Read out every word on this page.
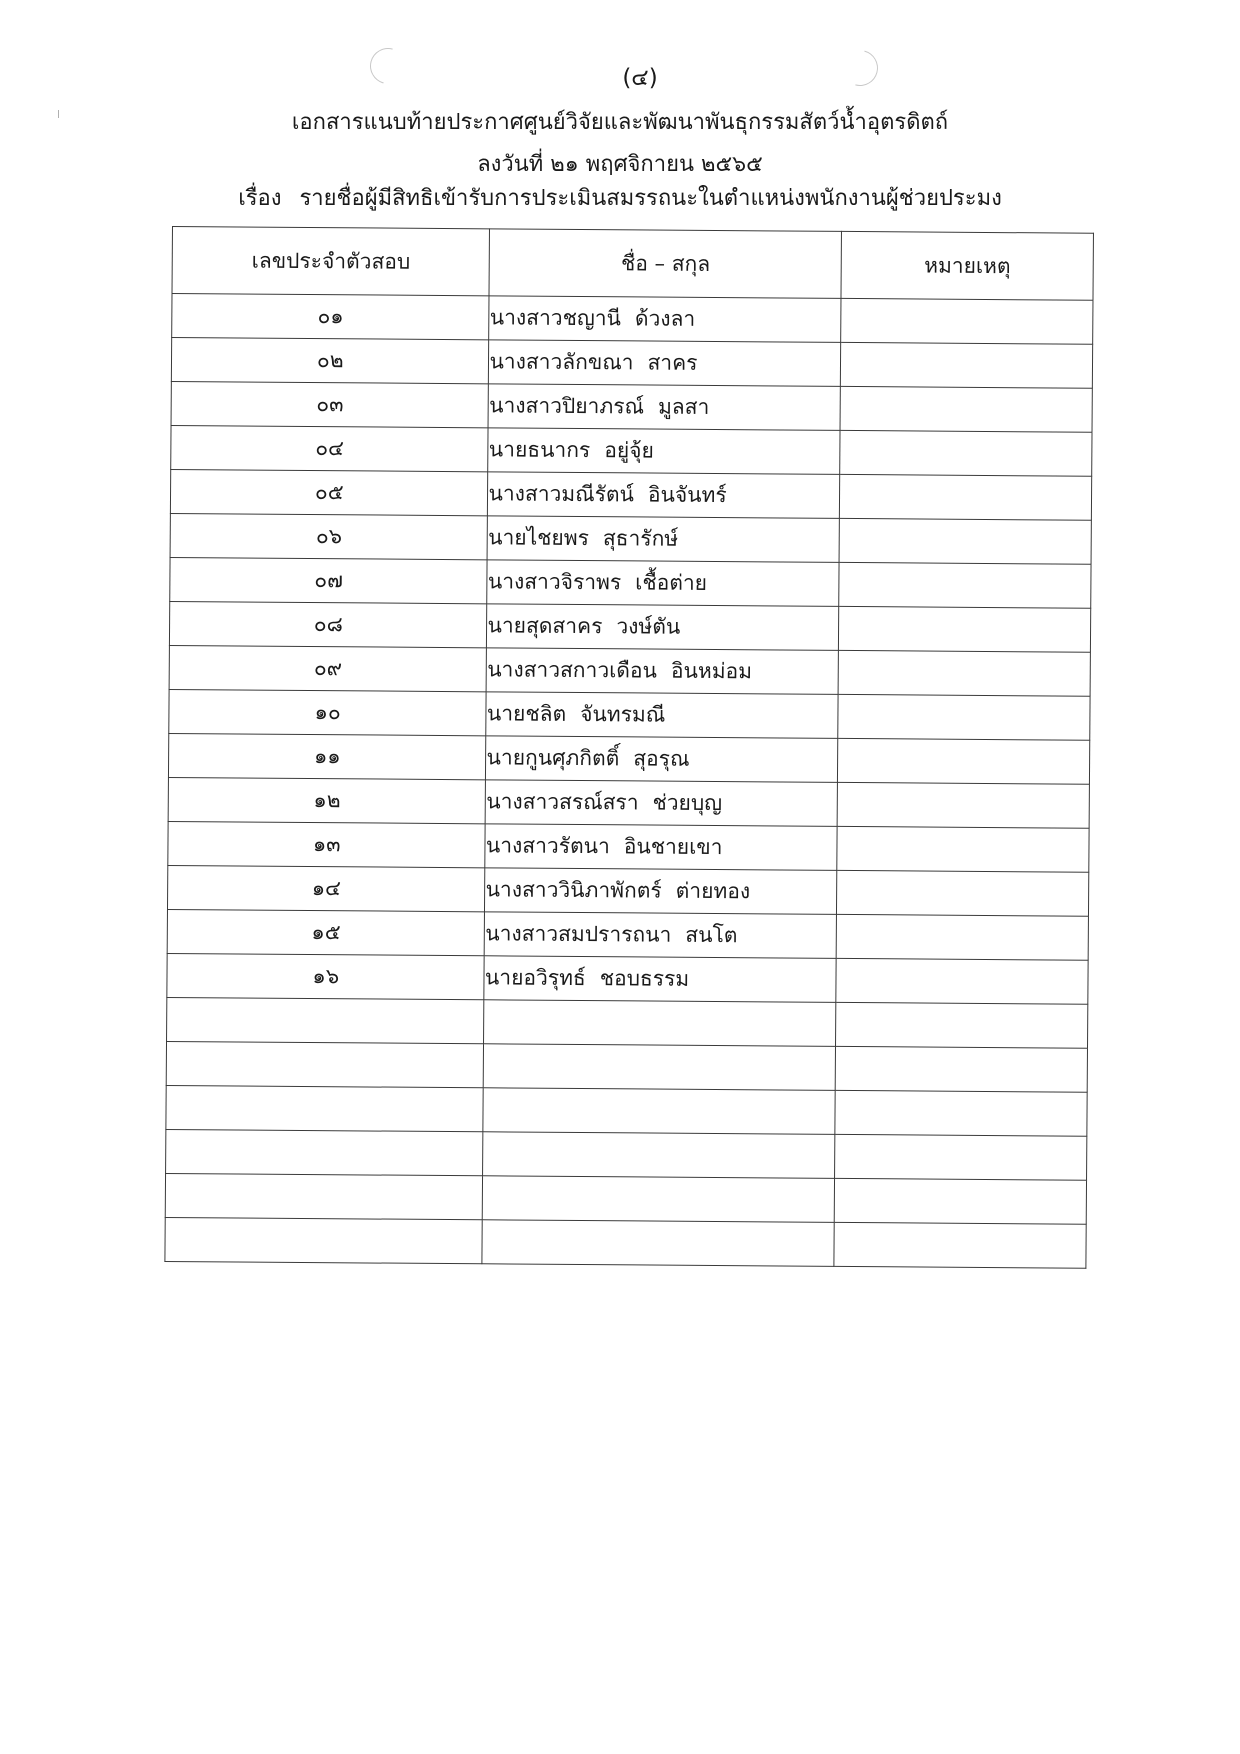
(๔)
เอกสารแนบท้ายประกาศศูนย์วิจัยและพัฒนาพันธุกรรมสัตว์น้ำอุตรดิตถ์
ลงวันที่ ๒๑ พฤศจิกายน ๒๕๖๕
เรื่อง รายชื่อผู้มีสิทธิเข้ารับการประเมินสมรรถนะในตำแหน่งพนักงานผู้ช่วยประมง
เลขประจำตัวสอบ	ชื่อ – สกุล	หมายเหตุ
๐๑	นางสาวชญานี ด้วงลา	
๐๒	นางสาวลักขณา สาคร	
๐๓	นางสาวปิยาภรณ์ มูลสา	
๐๔	นายธนากร อยู่จุ้ย	
๐๕	นางสาวมณีรัตน์ อินจันทร์	
๐๖	นายไชยพร สุธารักษ์	
๐๗	นางสาวจิราพร เชื้อต่าย	
๐๘	นายสุดสาคร วงษ์ตัน	
๐๙	นางสาวสกาวเดือน อินหม่อม	
๑๐	นายชลิต จันทรมณี	
๑๑	นายกูนศุภกิตติ์ สุอรุณ	
๑๒	นางสาวสรณ์สรา ช่วยบุญ	
๑๓	นางสาวรัตนา อินชายเขา	
๑๔	นางสาววินิภาพักตร์ ต่ายทอง	
๑๕	นางสาวสมปรารถนา สนโต	
๑๖	นายอวิรุทธ์ ชอบธรรม	
